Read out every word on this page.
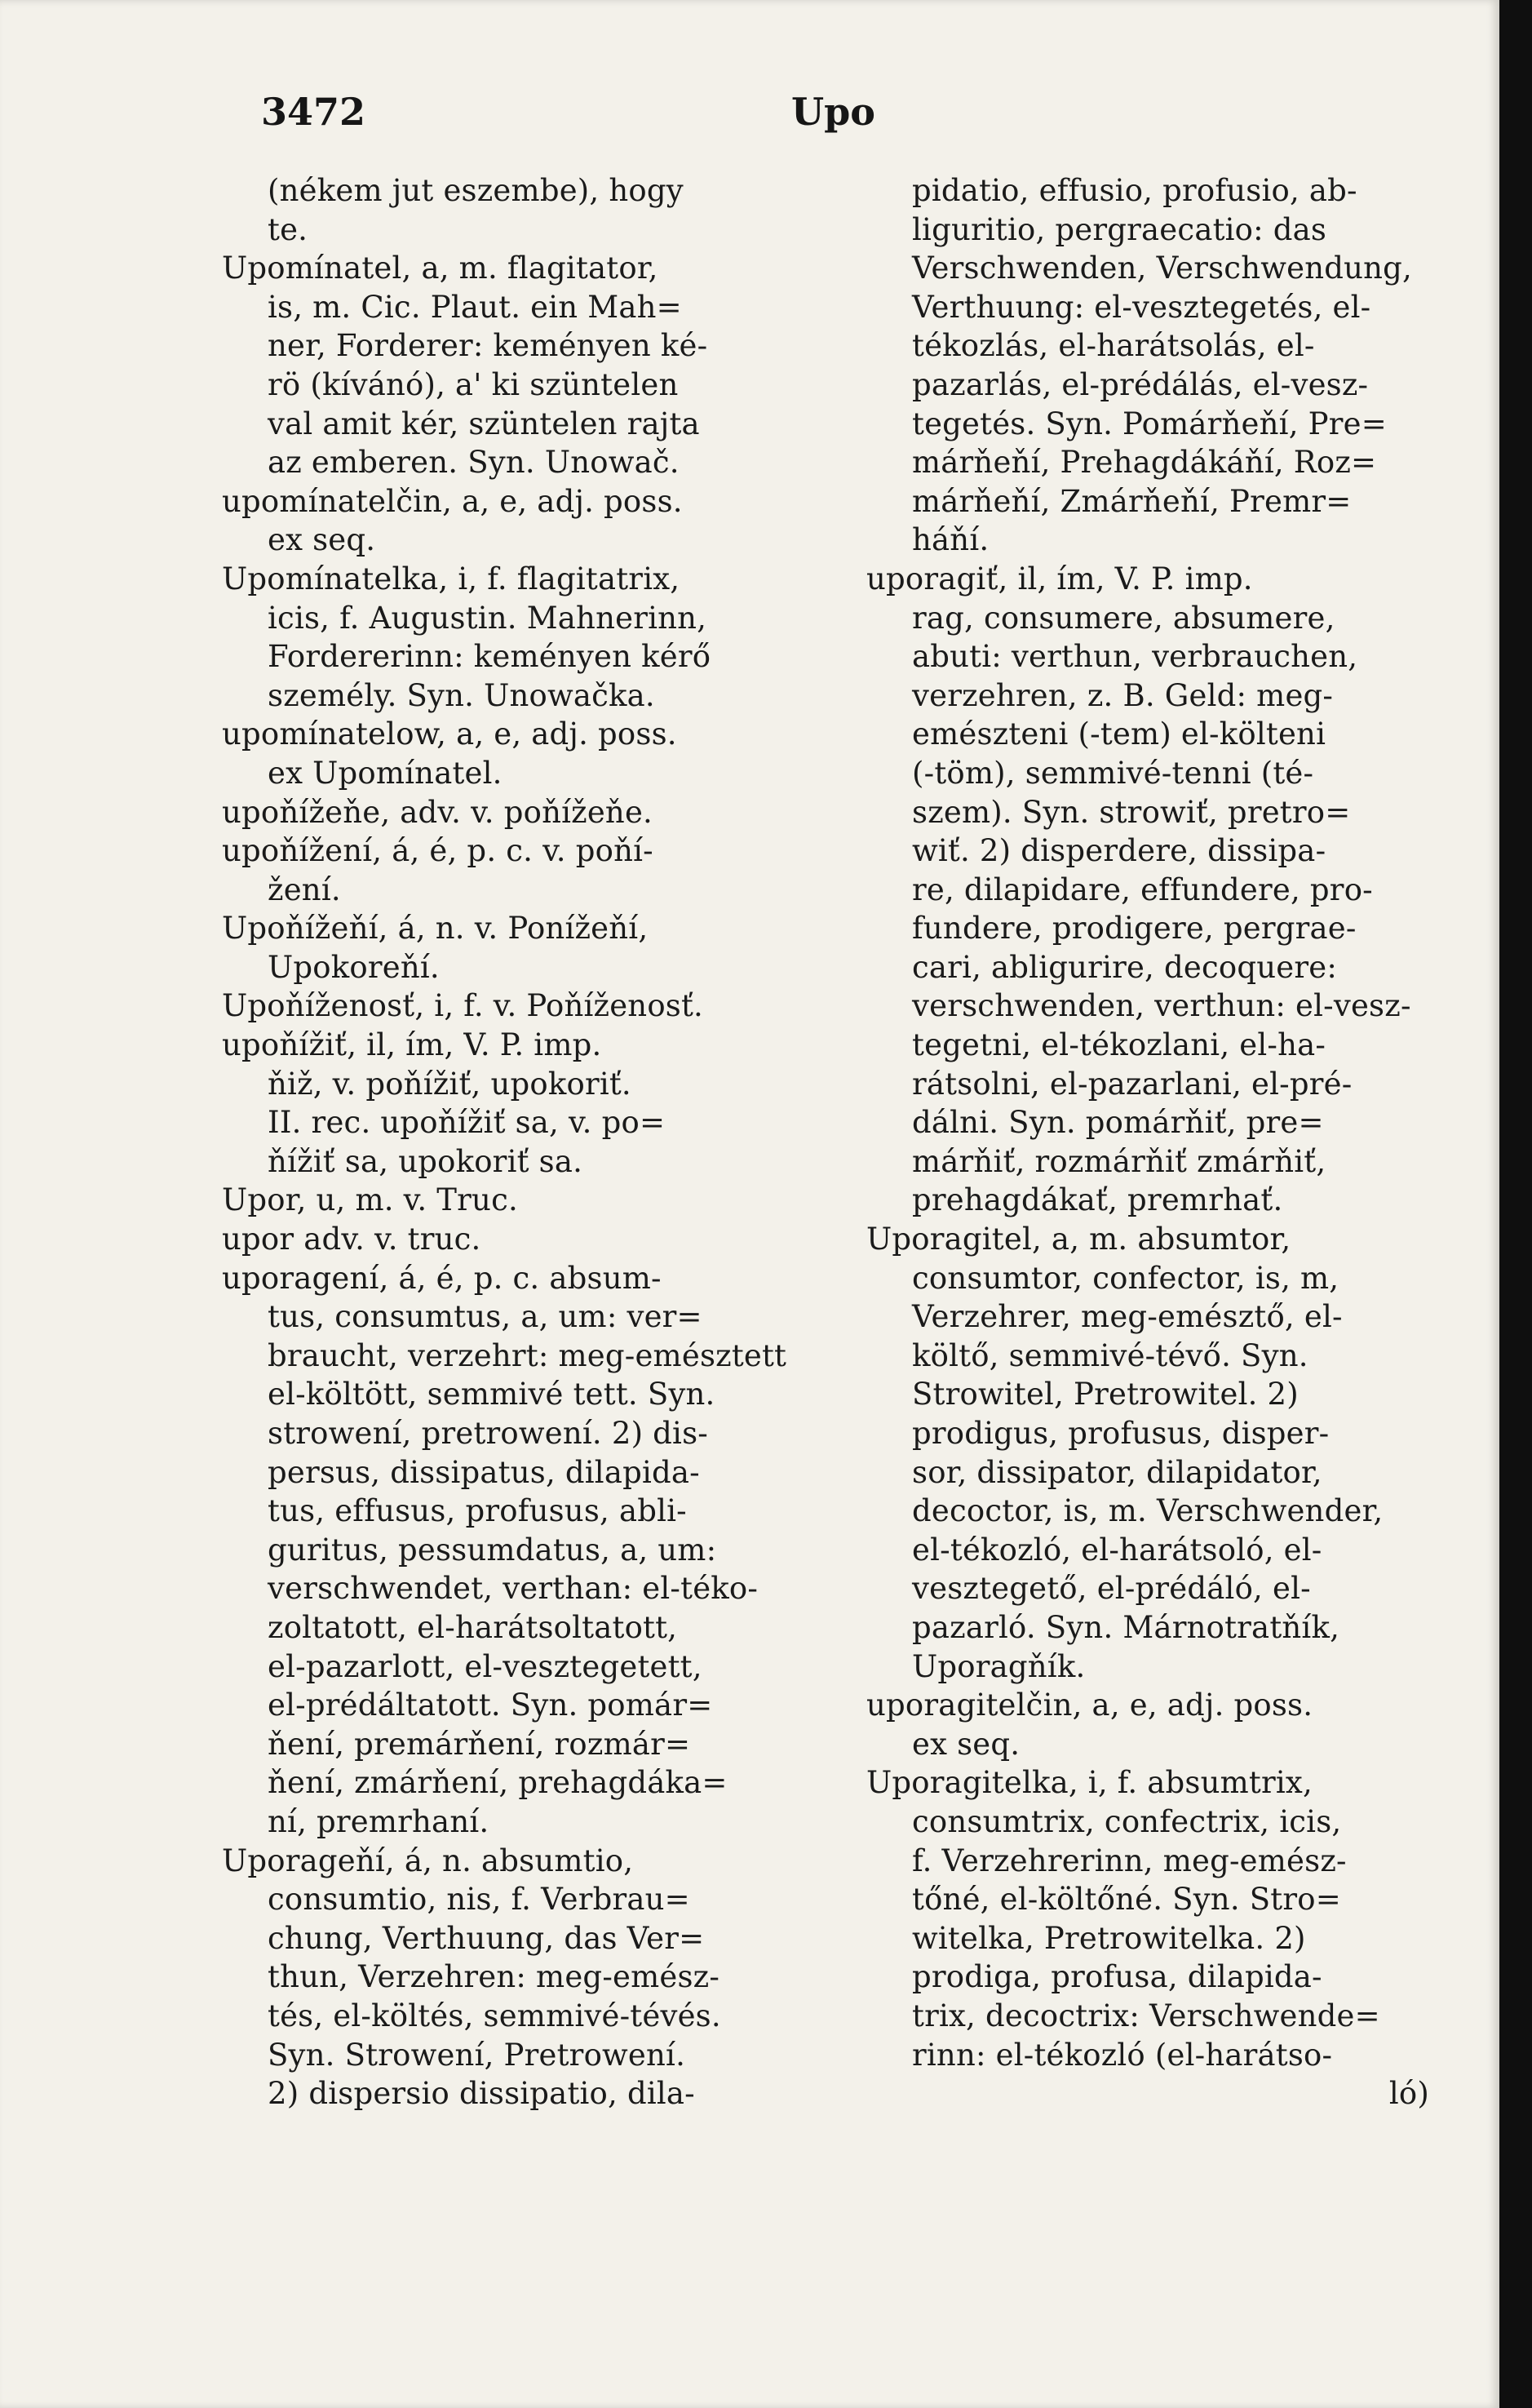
3472	Upo
(nékem jut eszembe), hogy
te.
Upomínatel, a, m. flagitator,
is, m. Cic. Plaut. ein Mah=
ner, Forderer: keményen ké-
rö (kívánó), a' ki szüntelen
val amit kér, szüntelen rajta
az emberen. Syn. Unowač.
upomínatelčin, a, e, adj. poss.
ex seq.
Upomínatelka, i, f. flagitatrix,
icis, f. Augustin. Mahnerinn,
Fordererinn: keményen kérő
személy. Syn. Unowačka.
upomínatelow, a, e, adj. poss.
ex Upomínatel.
upoňížeňe, adv. v. poňížeňe.
upoňížení, á, é, p. c. v. poňí-
žení.
Upoňížeňí, á, n. v. Ponížeňí,
Upokoreňí.
Upoňíženosť, i, f. v. Poňíženosť.
upoňížiť, il, ím, V. P. imp.
ňiž, v. poňížiť, upokoriť.
II. rec. upoňížiť sa, v. po=
ňížiť sa, upokoriť sa.
Upor, u, m. v. Truc.
upor adv. v. truc.
uporagení, á, é, p. c. absum-
tus, consumtus, a, um: ver=
braucht, verzehrt: meg-emésztett
el-költött, semmivé tett. Syn.
strowení, pretrowení. 2) dis-
persus, dissipatus, dilapida-
tus, effusus, profusus, abli-
guritus, pessumdatus, a, um:
verschwendet, verthan: el-téko-
zoltatott, el-harátsoltatott,
el-pazarlott, el-vesztegetett,
el-prédáltatott. Syn. pomár=
ňení, premárňení, rozmár=
ňení, zmárňení, prehagdáka=
ní, premrhaní.
Uporageňí, á, n. absumtio,
consumtio, nis, f. Verbrau=
chung, Verthuung, das Ver=
thun, Verzehren: meg-emész-
tés, el-költés, semmivé-tévés.
Syn. Strowení, Pretrowení.
2) dispersio dissipatio, dila-
pidatio, effusio, profusio, ab-
liguritio, pergraecatio: das
Verschwenden, Verschwendung,
Verthuung: el-vesztegetés, el-
tékozlás, el-harátsolás, el-
pazarlás, el-prédálás, el-vesz-
tegetés. Syn. Pomárňeňí, Pre=
márňeňí, Prehagdákáňí, Roz=
márňeňí, Zmárňeňí, Premr=
háňí.
uporagiť, il, ím, V. P. imp.
rag, consumere, absumere,
abuti: verthun, verbrauchen,
verzehren, z. B. Geld: meg-
emészteni (-tem) el-költeni
(-töm), semmivé-tenni (té-
szem). Syn. strowiť, pretro=
wiť. 2) disperdere, dissipa-
re, dilapidare, effundere, pro-
fundere, prodigere, pergrae-
cari, abligurire, decoquere:
verschwenden, verthun: el-vesz-
tegetni, el-tékozlani, el-ha-
rátsolni, el-pazarlani, el-pré-
dálni. Syn. pomárňiť, pre=
márňiť, rozmárňiť zmárňiť,
prehagdákať, premrhať.
Uporagitel, a, m. absumtor,
consumtor, confector, is, m,
Verzehrer, meg-emésztő, el-
költő, semmivé-tévő. Syn.
Strowitel, Pretrowitel. 2)
prodigus, profusus, disper-
sor, dissipator, dilapidator,
decoctor, is, m. Verschwender,
el-tékozló, el-harátsoló, el-
vesztegető, el-prédáló, el-
pazarló. Syn. Márnotratňík,
Uporagňík.
uporagitelčin, a, e, adj. poss.
ex seq.
Uporagitelka, i, f. absumtrix,
consumtrix, confectrix, icis,
f. Verzehrerinn, meg-emész-
tőné, el-költőné. Syn. Stro=
witelka, Pretrowitelka. 2)
prodiga, profusa, dilapida-
trix, decoctrix: Verschwende=
rinn: el-tékozló (el-harátso-
ló)
